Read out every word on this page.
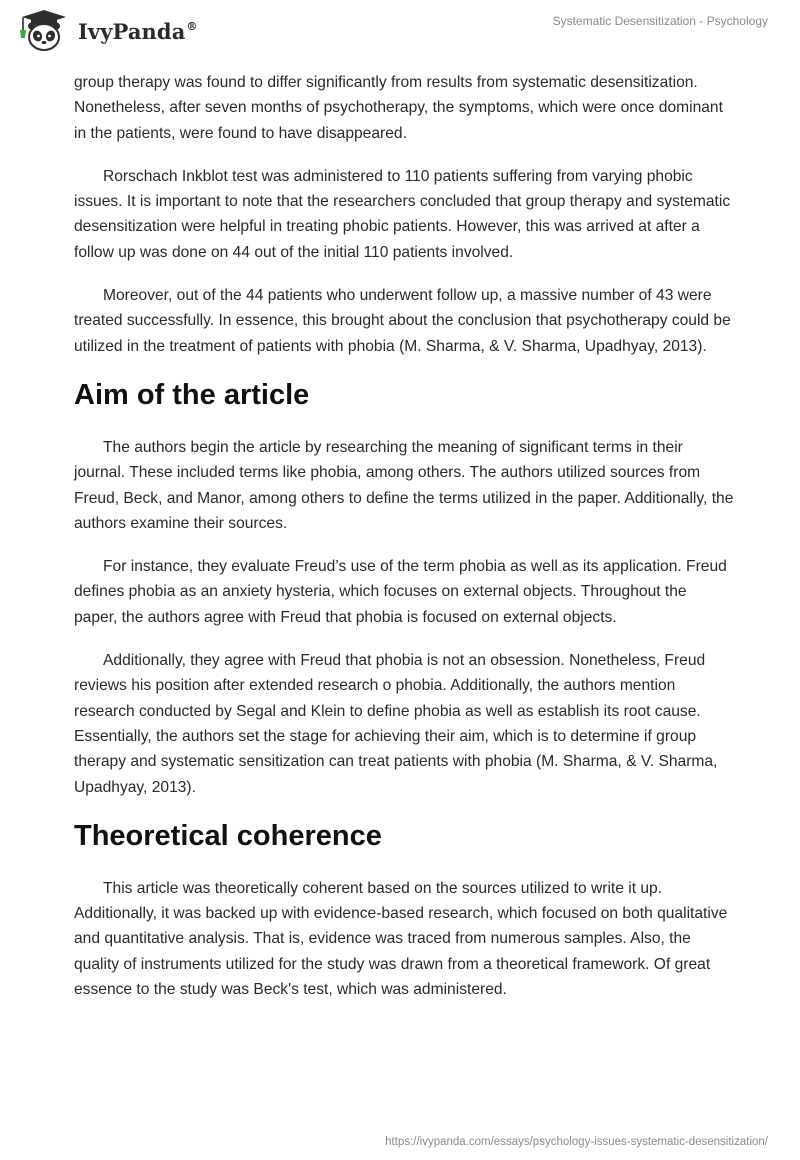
IvyPanda®	Systematic Desensitization - Psychology

group therapy was found to differ significantly from results from systematic desensitization. Nonetheless, after seven months of psychotherapy, the symptoms, which were once dominant in the patients, were found to have disappeared.

Rorschach Inkblot test was administered to 110 patients suffering from varying phobic issues. It is important to note that the researchers concluded that group therapy and systematic desensitization were helpful in treating phobic patients. However, this was arrived at after a follow up was done on 44 out of the initial 110 patients involved.

Moreover, out of the 44 patients who underwent follow up, a massive number of 43 were treated successfully. In essence, this brought about the conclusion that psychotherapy could be utilized in the treatment of patients with phobia (M. Sharma, & V. Sharma, Upadhyay, 2013).

Aim of the article

The authors begin the article by researching the meaning of significant terms in their journal. These included terms like phobia, among others. The authors utilized sources from Freud, Beck, and Manor, among others to define the terms utilized in the paper. Additionally, the authors examine their sources.

For instance, they evaluate Freud’s use of the term phobia as well as its application. Freud defines phobia as an anxiety hysteria, which focuses on external objects. Throughout the paper, the authors agree with Freud that phobia is focused on external objects.

Additionally, they agree with Freud that phobia is not an obsession. Nonetheless, Freud reviews his position after extended research o phobia. Additionally, the authors mention research conducted by Segal and Klein to define phobia as well as establish its root cause. Essentially, the authors set the stage for achieving their aim, which is to determine if group therapy and systematic sensitization can treat patients with phobia (M. Sharma, & V. Sharma, Upadhyay, 2013).

Theoretical coherence

This article was theoretically coherent based on the sources utilized to write it up. Additionally, it was backed up with evidence-based research, which focused on both qualitative and quantitative analysis. That is, evidence was traced from numerous samples. Also, the quality of instruments utilized for the study was drawn from a theoretical framework. Of great essence to the study was Beck's test, which was administered.

https://ivypanda.com/essays/psychology-issues-systematic-desensitization/
